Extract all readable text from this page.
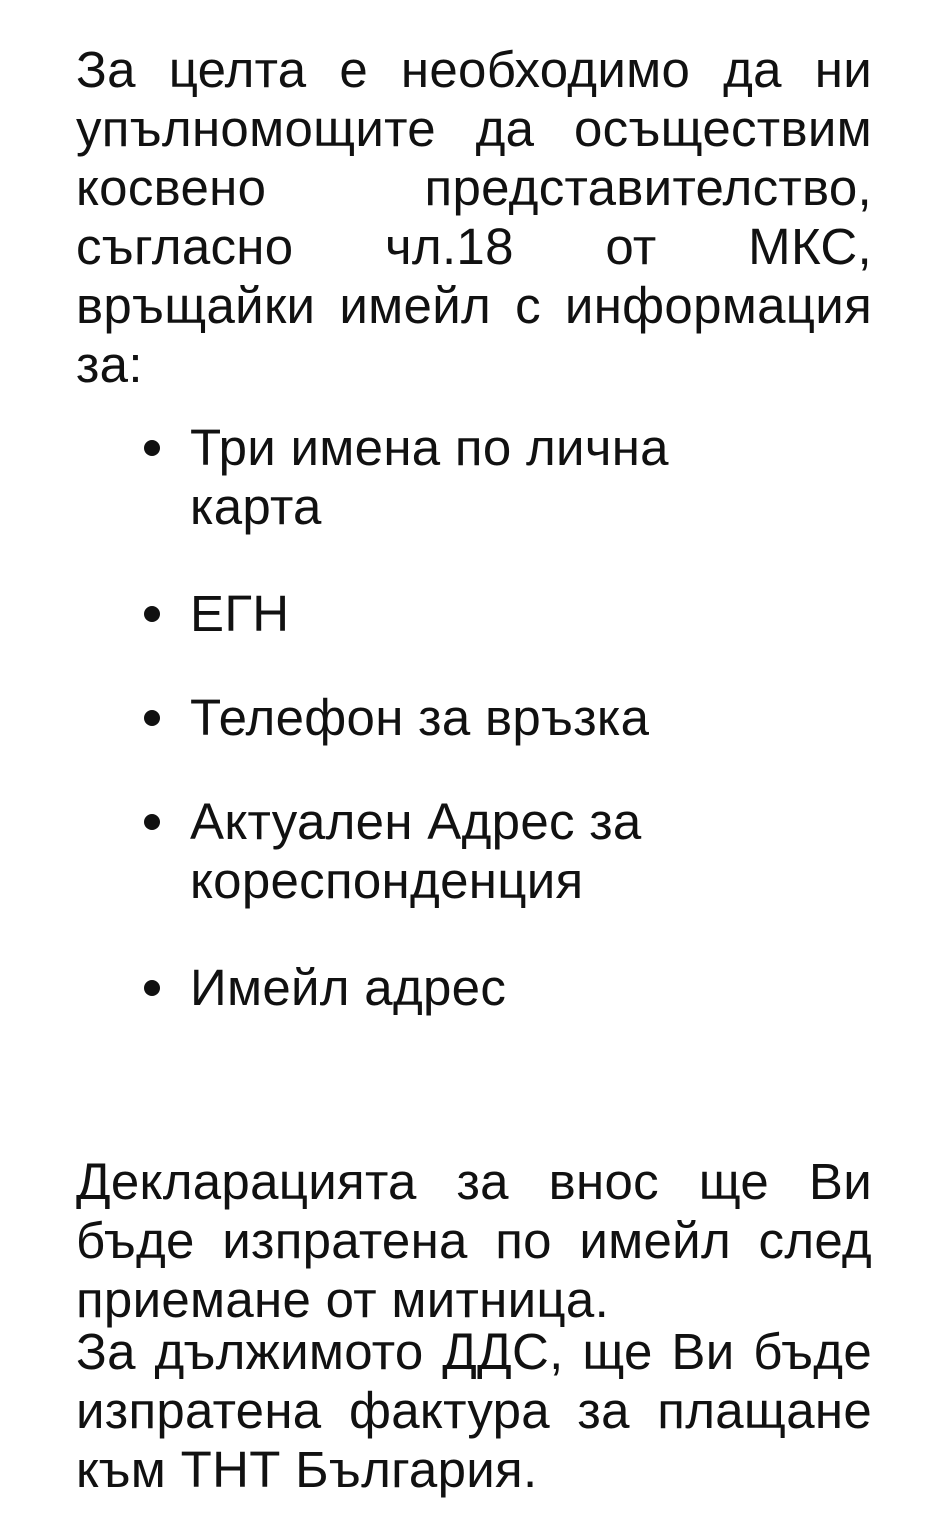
За целта е необходимо да ни упълномощите да осъществим косвено представителство, съгласно чл.18 от МКС, връщайки имейл с информация за:

Три имена по лична карта
ЕГН
Телефон за връзка
Актуален Адрес за кореспонденция
Имейл адрес

Декларацията за внос ще Ви бъде изпратена по имейл след приемане от митница.

За дължимото ДДС, ще Ви бъде изпратена фактура за плащане към ТНТ България.
